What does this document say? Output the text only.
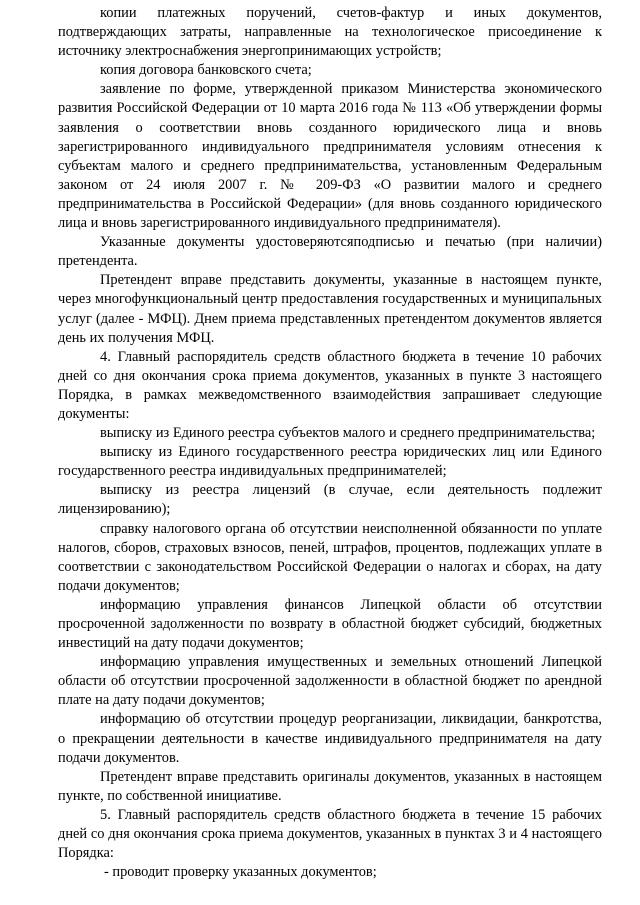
копии платежных поручений, счетов-фактур и иных документов, подтверждающих затраты, направленные на технологическое присоединение к источнику электроснабжения энергопринимающих устройств;

копия договора банковского счета;

заявление по форме, утвержденной приказом Министерства экономического развития Российской Федерации от 10 марта 2016 года № 113 «Об утверждении формы заявления о соответствии вновь созданного юридического лица и вновь зарегистрированного индивидуального предпринимателя условиям отнесения к субъектам малого и среднего предпринимательства, установленным Федеральным законом от 24 июля 2007 г. № 209-ФЗ «О развитии малого и среднего предпринимательства в Российской Федерации» (для вновь созданного юридического лица и вновь зарегистрированного индивидуального предпринимателя).

Указанные документы удостоверяютсяподписью и печатью (при наличии) претендента.

Претендент вправе представить документы, указанные в настоящем пункте, через многофункциональный центр предоставления государственных и муниципальных услуг (далее - МФЦ). Днем приема представленных претендентом документов является день их получения МФЦ.

4. Главный распорядитель средств областного бюджета в течение 10 рабочих дней со дня окончания срока приема документов, указанных в пункте 3 настоящего Порядка, в рамках межведомственного взаимодействия запрашивает следующие документы:

выписку из Единого реестра субъектов малого и среднего предпринимательства;

выписку из Единого государственного реестра юридических лиц или Единого государственного реестра индивидуальных предпринимателей;

выписку из реестра лицензий (в случае, если деятельность подлежит лицензированию);

справку налогового органа об отсутствии неисполненной обязанности по уплате налогов, сборов, страховых взносов, пеней, штрафов, процентов, подлежащих уплате в соответствии с законодательством Российской Федерации о налогах и сборах, на дату подачи документов;

информацию управления финансов Липецкой области об отсутствии просроченной задолженности по возврату в областной бюджет субсидий, бюджетных инвестиций на дату подачи документов;

информацию управления имущественных и земельных отношений Липецкой области об отсутствии просроченной задолженности в областной бюджет по арендной плате на дату подачи документов;

информацию об отсутствии процедур реорганизации, ликвидации, банкротства, о прекращении деятельности в качестве индивидуального предпринимателя на дату подачи документов.

Претендент вправе представить оригиналы документов, указанных в настоящем пункте, по собственной инициативе.

5. Главный распорядитель средств областного бюджета в течение 15 рабочих дней со дня окончания срока приема документов, указанных в пунктах 3 и 4 настоящего Порядка:

- проводит проверку указанных документов;
